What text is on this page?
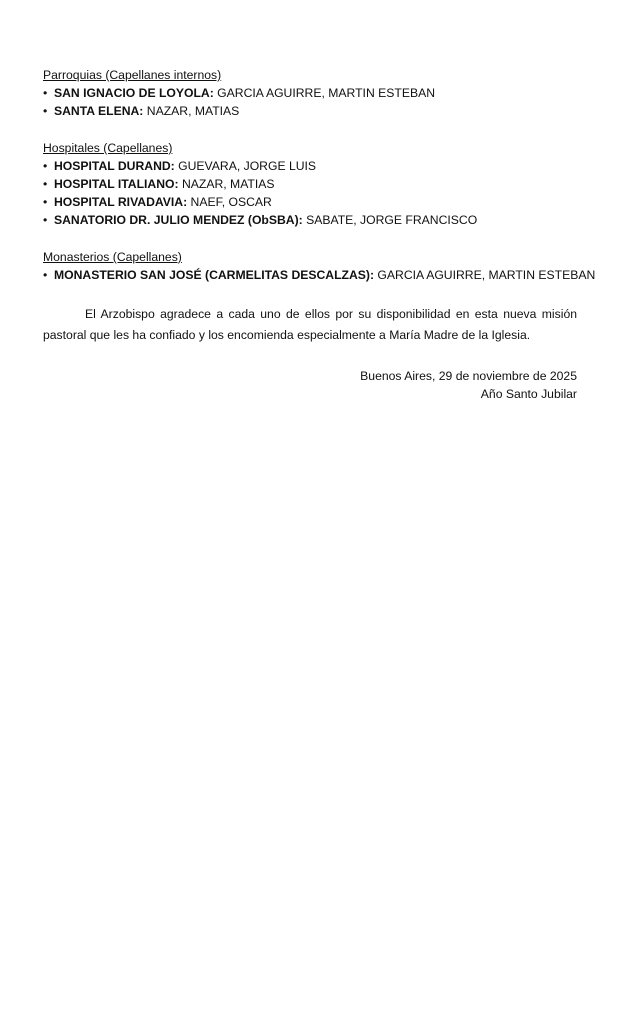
Parroquias (Capellanes internos)

• SAN IGNACIO DE LOYOLA: GARCIA AGUIRRE, MARTIN ESTEBAN
• SANTA ELENA: NAZAR, MATIAS

Hospitales (Capellanes)

• HOSPITAL DURAND: GUEVARA, JORGE LUIS
• HOSPITAL ITALIANO: NAZAR, MATIAS
• HOSPITAL RIVADAVIA: NAEF, OSCAR
• SANATORIO DR. JULIO MENDEZ (ObSBA): SABATE, JORGE FRANCISCO

Monasterios (Capellanes)

• MONASTERIO SAN JOSÉ (CARMELITAS DESCALZAS): GARCIA AGUIRRE, MARTIN ESTEBAN

El Arzobispo agradece a cada uno de ellos por su disponibilidad en esta nueva misión pastoral que les ha confiado y los encomienda especialmente a María Madre de la Iglesia.

Buenos Aires, 29 de noviembre de 2025
Año Santo Jubilar
